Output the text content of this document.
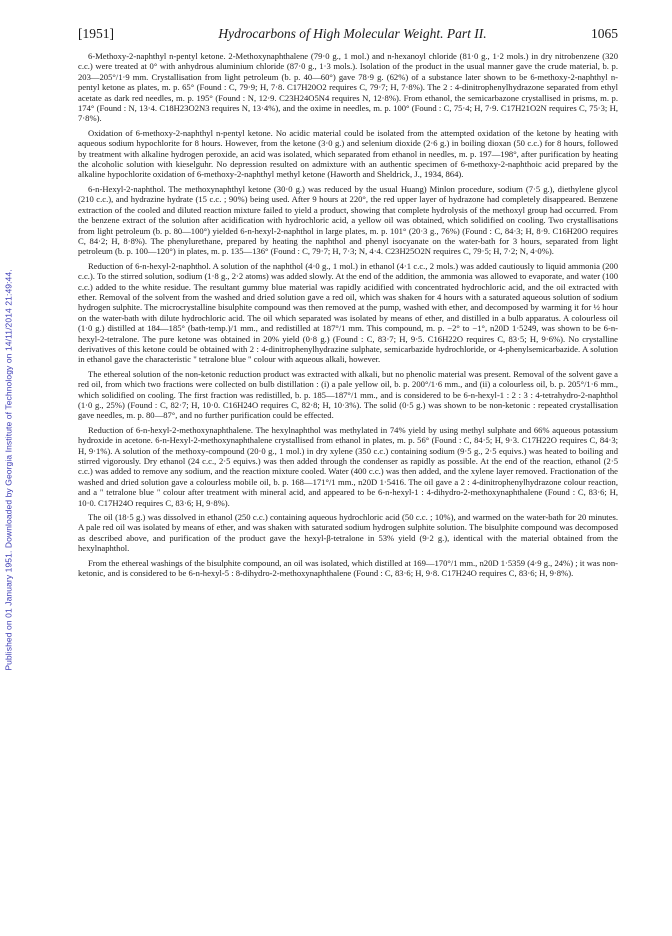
Published on 01 January 1951. Downloaded by Georgia Institute of Technology on 14/11/2014 21:49:44.
[1951]	Hydrocarbons of High Molecular Weight. Part II.	1065

6-Methoxy-2-naphthyl n-pentyl ketone. 2-Methoxynaphthalene (79·0 g., 1 mol.) and n-hexanoyl chloride (81·0 g., 1·2 mols.) in dry nitrobenzene (320 c.c.) were treated at 0° with anhydrous aluminium chloride (87·0 g., 1·3 mols.). Isolation of the product in the usual manner gave the crude material, b. p. 203—205°/1·9 mm. Crystallisation from light petroleum (b. p. 40—60°) gave 78·9 g. (62%) of a substance later shown to be 6-methoxy-2-naphthyl n-pentyl ketone as plates, m. p. 65° (Found : C, 79·9; H, 7·8. C17H20O2 requires C, 79·7; H, 7·8%). The 2 : 4-dinitrophenylhydrazone separated from ethyl acetate as dark red needles, m. p. 195° (Found : N, 12·9. C23H24O5N4 requires N, 12·8%). From ethanol, the semicarbazone crystallised in prisms, m. p. 174° (Found : N, 13·4. C18H23O2N3 requires N, 13·4%), and the oxime in needles, m. p. 100° (Found : C, 75·4; H, 7·9. C17H21O2N requires C, 75·3; H, 7·8%).

Oxidation of 6-methoxy-2-naphthyl n-pentyl ketone. No acidic material could be isolated from the attempted oxidation of the ketone by heating with aqueous sodium hypochlorite for 8 hours. However, from the ketone (3·0 g.) and selenium dioxide (2·6 g.) in boiling dioxan (50 c.c.) for 8 hours, followed by treatment with alkaline hydrogen peroxide, an acid was isolated, which separated from ethanol in needles, m. p. 197—198°, after purification by heating the alcoholic solution with kieselguhr. No depression resulted on admixture with an authentic specimen of 6-methoxy-2-naphthoic acid prepared by the alkaline hypochlorite oxidation of 6-methoxy-2-naphthyl methyl ketone (Haworth and Sheldrick, J., 1934, 864).

6-n-Hexyl-2-naphthol. The methoxynaphthyl ketone (30·0 g.) was reduced by the usual Huang) Minlon procedure, sodium (7·5 g.), diethylene glycol (210 c.c.), and hydrazine hydrate (15 c.c. ; 90%) being used. After 9 hours at 220°, the red upper layer of hydrazone had completely disappeared. Benzene extraction of the cooled and diluted reaction mixture failed to yield a product, showing that complete hydrolysis of the methoxyl group had occurred. From the benzene extract of the solution after acidification with hydrochloric acid, a yellow oil was obtained, which solidified on cooling. Two crystallisations from light petroleum (b. p. 80—100°) yielded 6-n-hexyl-2-naphthol in large plates, m. p. 101° (20·3 g., 76%) (Found : C, 84·3; H, 8·9. C16H20O requires C, 84·2; H, 8·8%). The phenylurethane, prepared by heating the naphthol and phenyl isocyanate on the water-bath for 3 hours, separated from light petroleum (b. p. 100—120°) in plates, m. p. 135—136° (Found : C, 79·7; H, 7·3; N, 4·4. C23H25O2N requires C, 79·5; H, 7·2; N, 4·0%).

Reduction of 6-n-hexyl-2-naphthol. A solution of the naphthol (4·0 g., 1 mol.) in ethanol (4·1 c.c., 2 mols.) was added cautiously to liquid ammonia (200 c.c.). To the stirred solution, sodium (1·8 g., 2·2 atoms) was added slowly. At the end of the addition, the ammonia was allowed to evaporate, and water (100 c.c.) added to the white residue. The resultant gummy blue material was rapidly acidified with concentrated hydrochloric acid, and the oil extracted with ether. Removal of the solvent from the washed and dried solution gave a red oil, which was shaken for 4 hours with a saturated aqueous solution of sodium hydrogen sulphite. The microcrystalline bisulphite compound was then removed at the pump, washed with ether, and decomposed by warming it for ½ hour on the water-bath with dilute hydrochloric acid. The oil which separated was isolated by means of ether, and distilled in a bulb apparatus. A colourless oil (1·0 g.) distilled at 184—185° (bath-temp.)/1 mm., and redistilled at 187°/1 mm. This compound, m. p. −2° to −1°, n20D 1·5249, was shown to be 6-n-hexyl-2-tetralone. The pure ketone was obtained in 20% yield (0·8 g.) (Found : C, 83·7; H, 9·5. C16H22O requires C, 83·5; H, 9·6%). No crystalline derivatives of this ketone could be obtained with 2 : 4-dinitrophenylhydrazine sulphate, semicarbazide hydrochloride, or 4-phenylsemicarbazide. A solution in ethanol gave the characteristic " tetralone blue " colour with aqueous alkali, however.

The ethereal solution of the non-ketonic reduction product was extracted with alkali, but no phenolic material was present. Removal of the solvent gave a red oil, from which two fractions were collected on bulb distillation : (i) a pale yellow oil, b. p. 200°/1·6 mm., and (ii) a colourless oil, b. p. 205°/1·6 mm., which solidified on cooling. The first fraction was redistilled, b. p. 185—187°/1 mm., and is considered to be 6-n-hexyl-1 : 2 : 3 : 4-tetrahydro-2-naphthol (1·0 g., 25%) (Found : C, 82·7; H, 10·0. C16H24O requires C, 82·8; H, 10·3%). The solid (0·5 g.) was shown to be non-ketonic : repeated crystallisation gave needles, m. p. 80—87°, and no further purification could be effected.

Reduction of 6-n-hexyl-2-methoxynaphthalene. The hexylnaphthol was methylated in 74% yield by using methyl sulphate and 66% aqueous potassium hydroxide in acetone. 6-n-Hexyl-2-methoxynaphthalene crystallised from ethanol in plates, m. p. 56° (Found : C, 84·5; H, 9·3. C17H22O requires C, 84·3; H, 9·1%). A solution of the methoxy-compound (20·0 g., 1 mol.) in dry xylene (350 c.c.) containing sodium (9·5 g., 2·5 equivs.) was heated to boiling and stirred vigorously. Dry ethanol (24 c.c., 2·5 equivs.) was then added through the condenser as rapidly as possible. At the end of the reaction, ethanol (2·5 c.c.) was added to remove any sodium, and the reaction mixture cooled. Water (400 c.c.) was then added, and the xylene layer removed. Fractionation of the washed and dried solution gave a colourless mobile oil, b. p. 168—171°/1 mm., n20D 1·5416. The oil gave a 2 : 4-dinitrophenylhydrazone colour reaction, and a " tetralone blue " colour after treatment with mineral acid, and appeared to be 6-n-hexyl-1 : 4-dihydro-2-methoxynaphthalene (Found : C, 83·6; H, 10·0. C17H24O requires C, 83·6; H, 9·8%).

The oil (18·5 g.) was dissolved in ethanol (250 c.c.) containing aqueous hydrochloric acid (50 c.c. ; 10%), and warmed on the water-bath for 20 minutes. A pale red oil was isolated by means of ether, and was shaken with saturated sodium hydrogen sulphite solution. The bisulphite compound was decomposed as described above, and purification of the product gave the hexyl-β-tetralone in 53% yield (9·2 g.), identical with the material obtained from the hexylnaphthol.

From the ethereal washings of the bisulphite compound, an oil was isolated, which distilled at 169—170°/1 mm., n20D 1·5359 (4·9 g., 24%) ; it was non-ketonic, and is considered to be 6-n-hexyl-5 : 8-dihydro-2-methoxynaphthalene (Found : C, 83·6; H, 9·8. C17H24O requires C, 83·6; H, 9·8%).
